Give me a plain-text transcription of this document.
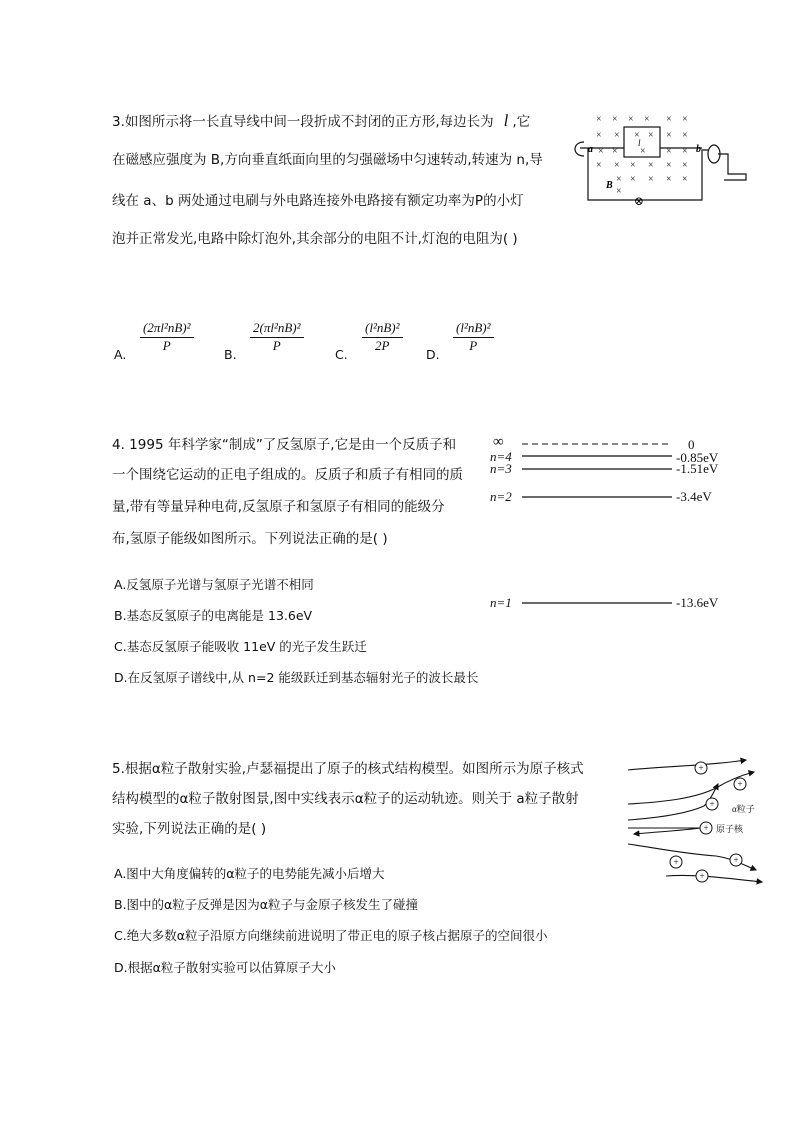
3.如图所示将一长直导线中间一段折成不封闭的正方形,每边长为 l ,它
在磁感应强度为 B,方向垂直纸面向里的匀强磁场中匀速转动,转速为 n,导
线在 a、b 两处通过电刷与外电路连接外电路接有额定功率为P的小灯
泡并正常发光,电路中除灯泡外,其余部分的电阻不计,灯泡的电阻为( )
× × × × × ×
× × × × × ×
× × × × ×
× × × × × ×
× × × × ×
×
a	b
B
l
⊗
A.
$\frac{\text{(2πl²nB)²}}{P}$
B.
$\frac{\text{2(πl²nB)²}}{P}$
C.
$\frac{\text{(l²nB)²}}{2P}$
D.
$\frac{\text{(l²nB)²}}{P}$
4. 1995 年科学家“制成”了反氢原子,它是由一个反质子和
一个围绕它运动的正电子组成的。反质子和质子有相同的质
量,带有等量异种电荷,反氢原子和氢原子有相同的能级分
布,氢原子能级如图所示。下列说法正确的是( )
∞
n=4
n=3
n=2
n=1
0
-0.85eV
-1.51eV
-3.4eV
-13.6eV
A.反氢原子光谱与氢原子光谱不相同
B.基态反氢原子的电离能是 13.6eV
C.基态反氢原子能吸收 11eV 的光子发生跃迁
D.在反氢原子谱线中,从 n=2 能级跃迁到基态辐射光子的波长最长
5.根据α粒子散射实验,卢瑟福提出了原子的核式结构模型。如图所示为原子核式
结构模型的α粒子散射图景,图中实线表示α粒子的运动轨迹。则关于 a粒子散射
实验,下列说法正确的是( )
+
+
+
+
+	+
+
α粒子
原子核
A.图中大角度偏转的α粒子的电势能先减小后增大
B.图中的α粒子反弹是因为α粒子与金原子核发生了碰撞
C.绝大多数α粒子沿原方向继续前进说明了带正电的原子核占据原子的空间很小
D.根据α粒子散射实验可以估算原子大小
